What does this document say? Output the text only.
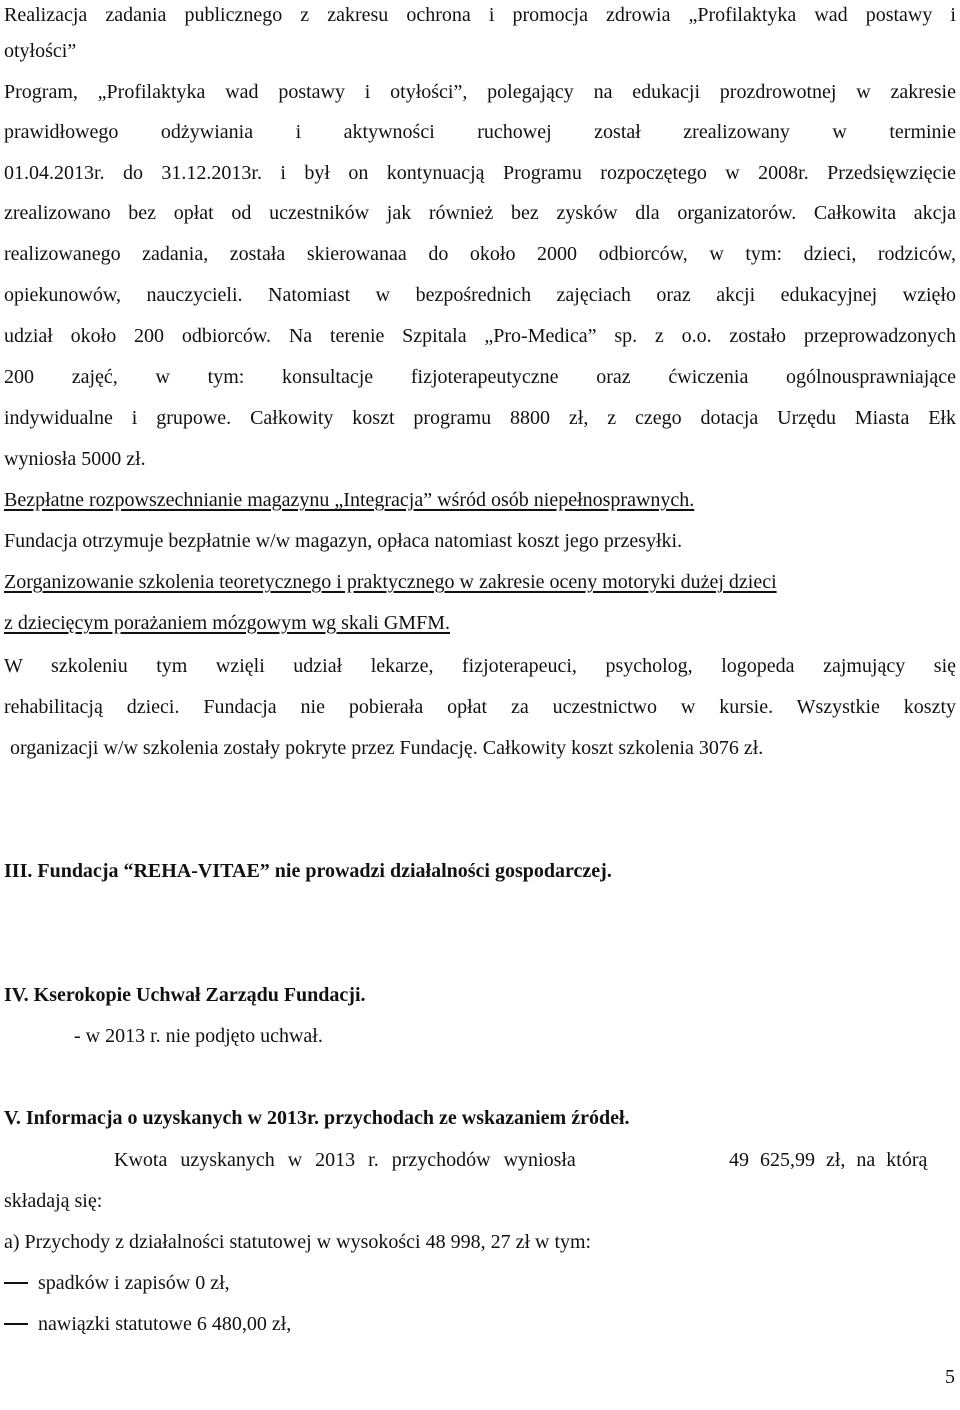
Realizacja zadania publicznego z zakresu ochrona i promocja zdrowia „Profilaktyka wad postawy i
otyłości”
Program, „Profilaktyka wad postawy i otyłości”, polegający na edukacji prozdrowotnej w zakresie
prawidłowego odżywiania i aktywności ruchowej został zrealizowany w terminie
01.04.2013r. do 31.12.2013r. i był on kontynuacją Programu rozpoczętego w 2008r. Przedsięwzięcie
zrealizowano bez opłat od uczestników jak również bez zysków dla organizatorów. Całkowita akcja
realizowanego zadania, została skierowanaa do około 2000 odbiorców, w tym: dzieci, rodziców,
opiekunowów, nauczycieli. Natomiast w bezpośrednich zajęciach oraz akcji edukacyjnej wzięło
udział około 200 odbiorców. Na terenie Szpitala „Pro-Medica” sp. z o.o. zostało przeprowadzonych
200 zajęć, w tym: konsultacje fizjoterapeutyczne oraz ćwiczenia ogólnousprawniające
indywidualne i grupowe. Całkowity koszt programu 8800 zł, z czego dotacja Urzędu Miasta Ełk
wyniosła 5000 zł.
Bezpłatne rozpowszechnianie magazynu „Integracja” wśród osób niepełnosprawnych.
Fundacja otrzymuje bezpłatnie w/w magazyn, opłaca natomiast koszt jego przesyłki.
Zorganizowanie szkolenia teoretycznego i praktycznego w zakresie oceny motoryki dużej dzieci
z dziecięcym porażaniem mózgowym wg skali GMFM.
W szkoleniu tym wzięli udział lekarze, fizjoterapeuci, psycholog, logopeda zajmujący się
rehabilitacją dzieci. Fundacja nie pobierała opłat za uczestnictwo w kursie. Wszystkie koszty
organizacji w/w szkolenia zostały pokryte przez Fundację. Całkowity koszt szkolenia 3076 zł.
III. Fundacja “REHA-VITAE” nie prowadzi działalności gospodarczej.
IV. Kserokopie Uchwał Zarządu Fundacji.
- w 2013 r. nie podjęto uchwał.
V. Informacja o uzyskanych w 2013r. przychodach ze wskazaniem źródeł.
Kwota uzyskanych w 2013 r. przychodów wyniosła	49 625,99 zł, na którą
składają się:
a) Przychody z działalności statutowej w wysokości 48 998, 27 zł w tym:
spadków i zapisów 0 zł,
nawiązki statutowe 6 480,00 zł,
5
